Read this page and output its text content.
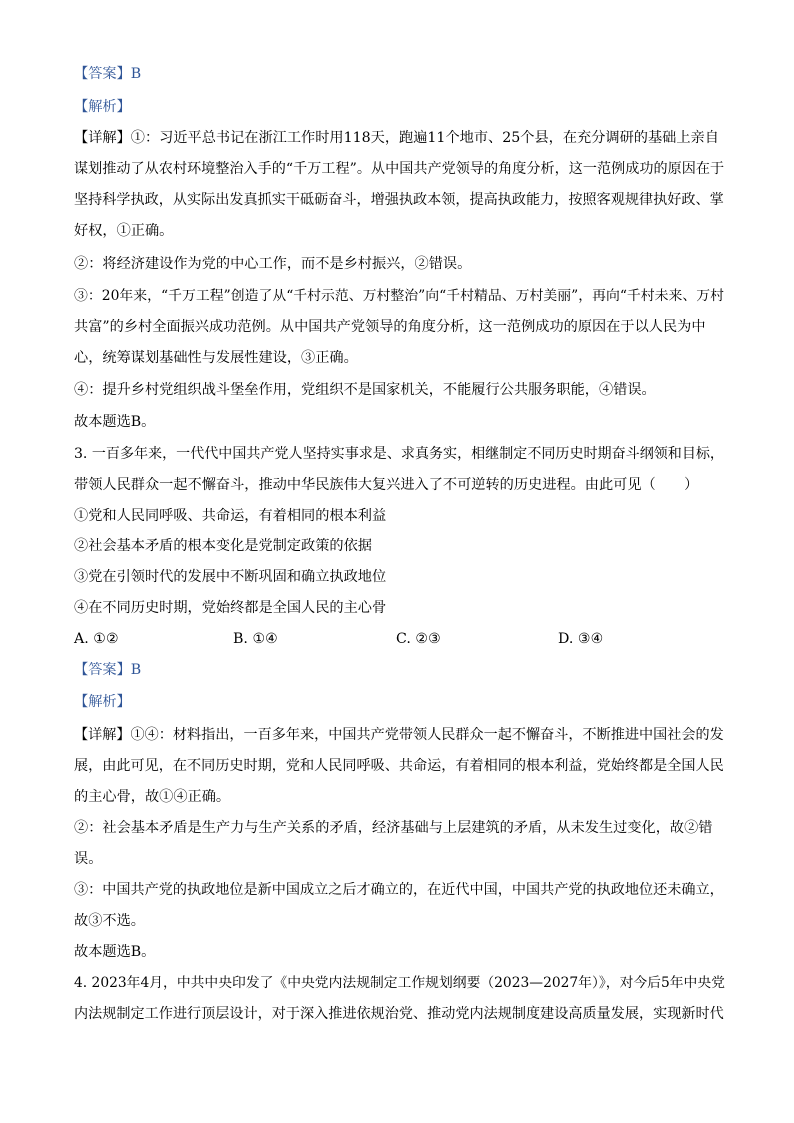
【答案】B
【解析】
【详解】①：习近平总书记在浙江工作时用118天，跑遍11个地市、25个县，在充分调研的基础上亲自
谋划推动了从农村环境整治入手的“千万工程”。从中国共产党领导的角度分析，这一范例成功的原因在于
坚持科学执政，从实际出发真抓实干砥砺奋斗，增强执政本领，提高执政能力，按照客观规律执好政、掌
好权，①正确。
②：将经济建设作为党的中心工作，而不是乡村振兴，②错误。
③：20年来，“千万工程”创造了从“千村示范、万村整治”向“千村精品、万村美丽”，再向“千村未来、万村
共富”的乡村全面振兴成功范例。从中国共产党领导的角度分析，这一范例成功的原因在于以人民为中
心，统筹谋划基础性与发展性建设，③正确。
④：提升乡村党组织战斗堡垒作用，党组织不是国家机关，不能履行公共服务职能，④错误。
故本题选B。
3. 一百多年来，一代代中国共产党人坚持实事求是、求真务实，相继制定不同历史时期奋斗纲领和目标，
带领人民群众一起不懈奋斗，推动中华民族伟大复兴进入了不可逆转的历史进程。由此可见（　　）
①党和人民同呼吸、共命运，有着相同的根本利益
②社会基本矛盾的根本变化是党制定政策的依据
③党在引领时代的发展中不断巩固和确立执政地位
④在不同历史时期，党始终都是全国人民的主心骨
A. ①②	B. ①④	C. ②③	D. ③④
【答案】B
【解析】
【详解】①④：材料指出，一百多年来，中国共产党带领人民群众一起不懈奋斗，不断推进中国社会的发
展，由此可见，在不同历史时期，党和人民同呼吸、共命运，有着相同的根本利益，党始终都是全国人民
的主心骨，故①④正确。
②：社会基本矛盾是生产力与生产关系的矛盾，经济基础与上层建筑的矛盾，从未发生过变化，故②错
误。
③：中国共产党的执政地位是新中国成立之后才确立的，在近代中国，中国共产党的执政地位还未确立，
故③不选。
故本题选B。
4. 2023年4月，中共中央印发了《中央党内法规制定工作规划纲要（2023—2027年）》，对今后5年中央党
内法规制定工作进行顶层设计，对于深入推进依规治党、推动党内法规制度建设高质量发展，实现新时代
